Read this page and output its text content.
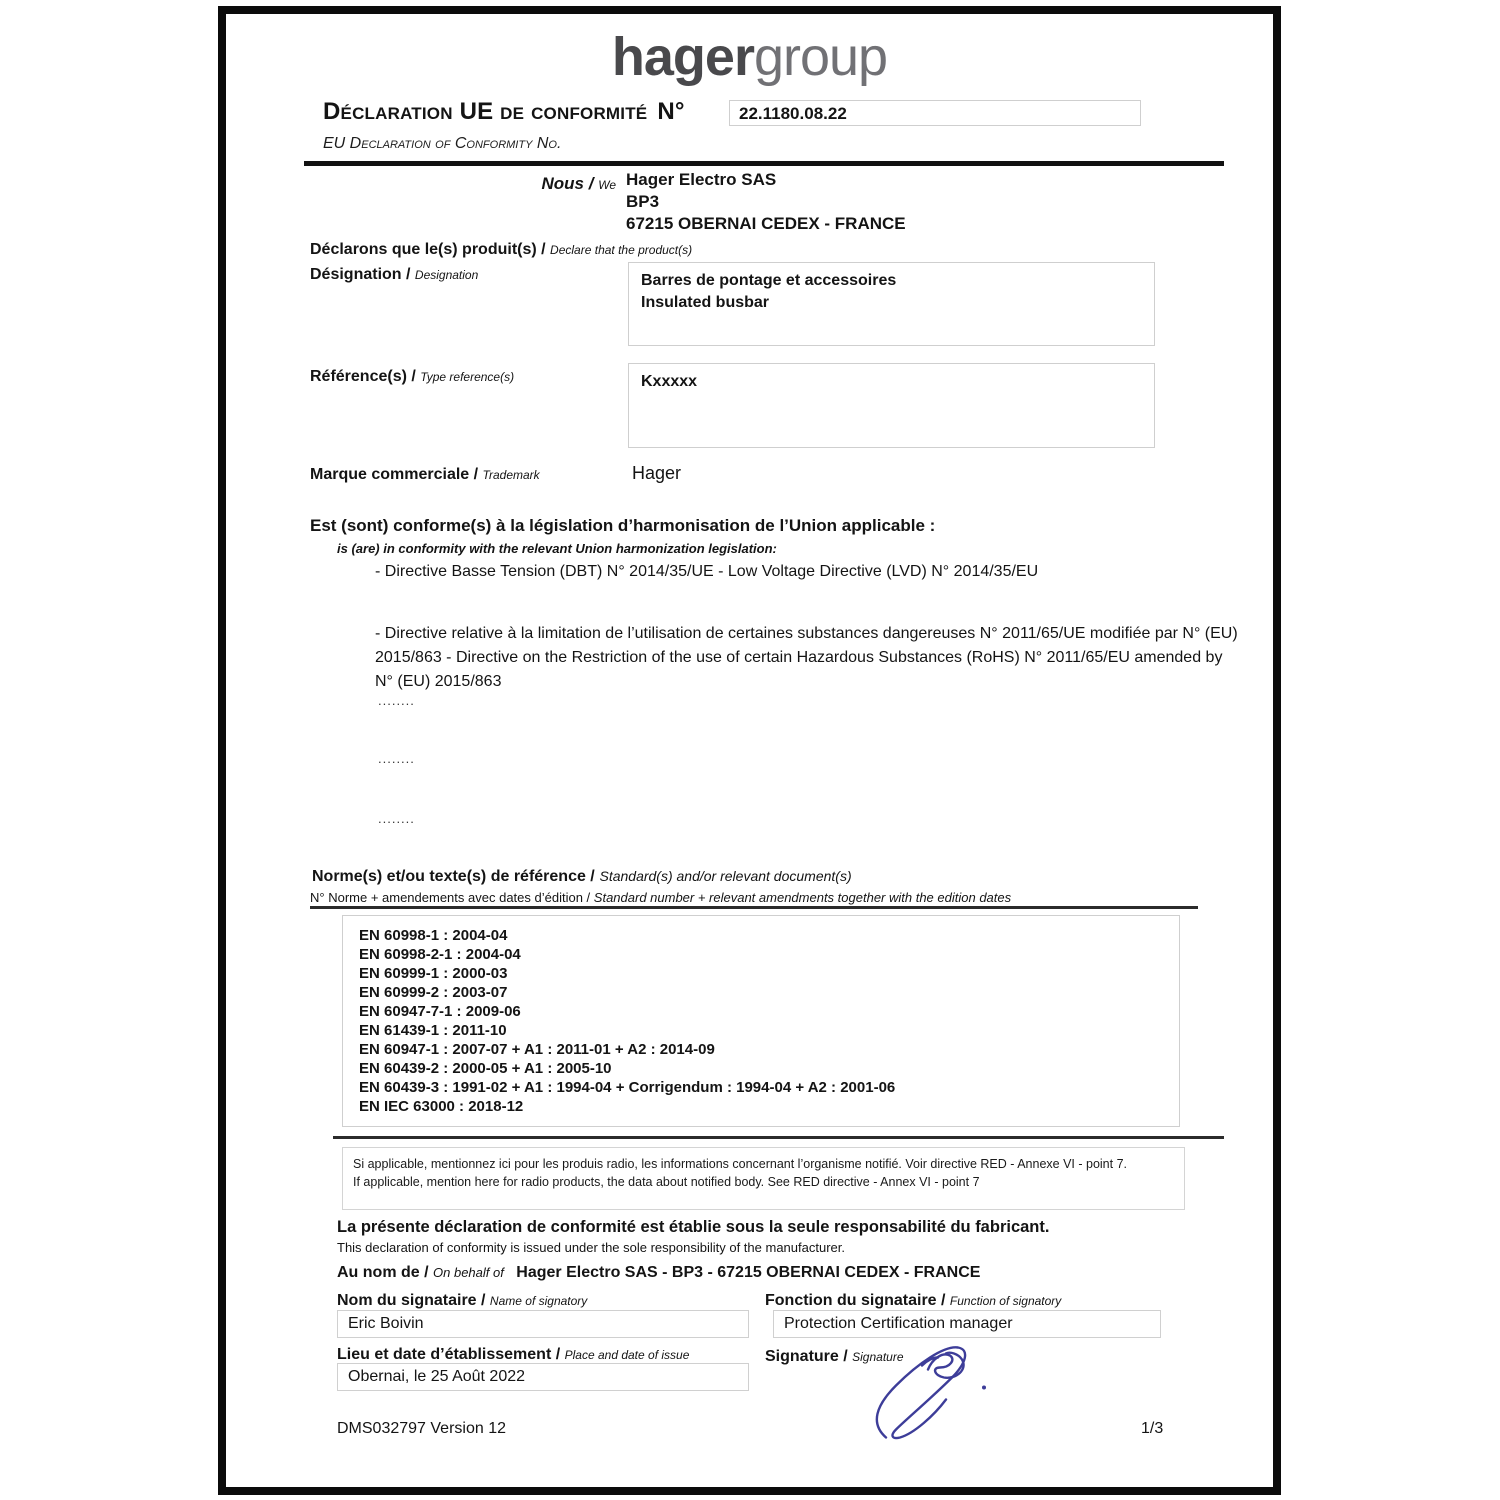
hagergroup
Déclaration UE de conformité N°	22.1180.08.22
EU Declaration of Conformity No.
Nous / We Hager Electro SAS
BP3
67215 OBERNAI CEDEX - FRANCE
Déclarons que le(s) produit(s) / Declare that the product(s)
Désignation / Designation	Barres de pontage et accessoires
Insulated busbar
Référence(s) / Type reference(s)	Kxxxxx
Marque commerciale / Trademark	Hager
Est (sont) conforme(s) à la législation d’harmonisation de l’Union applicable :
is (are) in conformity with the relevant Union harmonization legislation:
- Directive Basse Tension (DBT) N° 2014/35/UE - Low Voltage Directive (LVD) N° 2014/35/EU
- Directive relative à la limitation de l’utilisation de certaines substances dangereuses N° 2011/65/UE modifiée par N° (EU) 2015/863 - Directive on the Restriction of the use of certain Hazardous Substances (RoHS) N° 2011/65/EU amended by N° (EU) 2015/863
........
........
........
Norme(s) et/ou texte(s) de référence / Standard(s) and/or relevant document(s)
N° Norme + amendements avec dates d’édition / Standard number + relevant amendments together with the edition dates
EN 60998-1 : 2004-04
EN 60998-2-1 : 2004-04
EN 60999-1 : 2000-03
EN 60999-2 : 2003-07
EN 60947-7-1 : 2009-06
EN 61439-1 : 2011-10
EN 60947-1 : 2007-07 + A1 : 2011-01 + A2 : 2014-09
EN 60439-2 : 2000-05 + A1 : 2005-10
EN 60439-3 : 1991-02 + A1 : 1994-04 + Corrigendum : 1994-04 + A2 : 2001-06
EN IEC 63000 : 2018-12
Si applicable, mentionnez ici pour les produis radio, les informations concernant l’organisme notifié. Voir directive RED - Annexe VI - point 7.
If applicable, mention here for radio products, the data about notified body. See RED directive - Annex VI - point 7
La présente déclaration de conformité est établie sous la seule responsabilité du fabricant.
This declaration of conformity is issued under the sole responsibility of the manufacturer.
Au nom de / On behalf of Hager Electro SAS - BP3 - 67215 OBERNAI CEDEX - FRANCE
Nom du signataire / Name of signatory	Fonction du signataire / Function of signatory
Eric Boivin	Protection Certification manager
Lieu et date d’établissement / Place and date of issue	Signature / Signature
Obernai, le 25 Août 2022
DMS032797 Version 12	1/3
